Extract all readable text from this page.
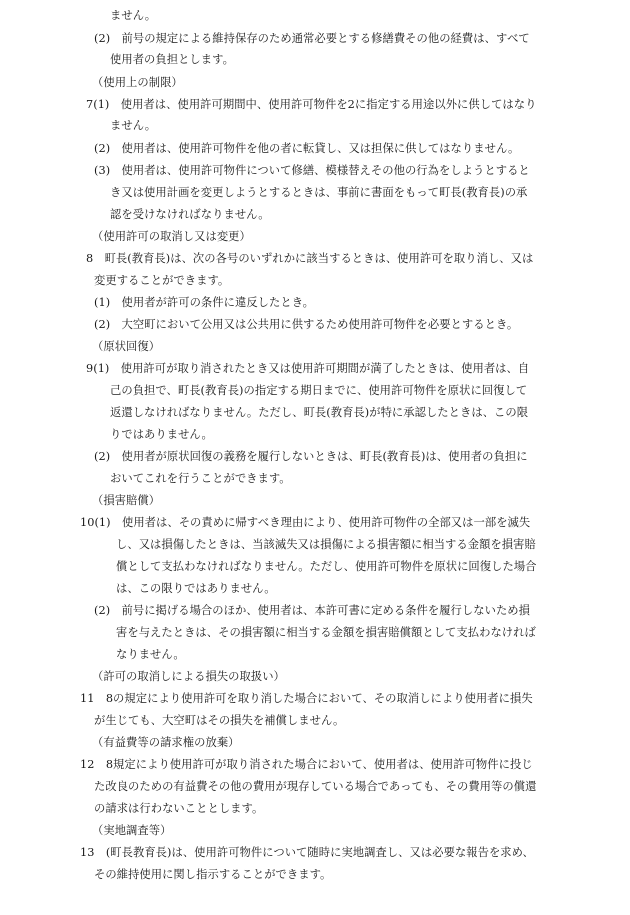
ません。
(2)　前号の規定による維持保存のため通常必要とする修繕費その他の経費は、すべて
使用者の負担とします。
（使用上の制限）
7(1)　使用者は、使用許可期間中、使用許可物件を2に指定する用途以外に供してはなり
ません。
(2)　使用者は、使用許可物件を他の者に転貸し、又は担保に供してはなりません。
(3)　使用者は、使用許可物件について修繕、模様替えその他の行為をしようとすると
き又は使用計画を変更しようとするときは、事前に書面をもって町長(教育長)の承
認を受けなければなりません。
（使用許可の取消し又は変更）
8　町長(教育長)は、次の各号のいずれかに該当するときは、使用許可を取り消し、又は
変更することができます。
(1)　使用者が許可の条件に違反したとき。
(2)　大空町において公用又は公共用に供するため使用許可物件を必要とするとき。
（原状回復）
9(1)　使用許可が取り消されたとき又は使用許可期間が満了したときは、使用者は、自
己の負担で、町長(教育長)の指定する期日までに、使用許可物件を原状に回復して
返還しなければなりません。ただし、町長(教育長)が特に承認したときは、この限
りではありません。
(2)　使用者が原状回復の義務を履行しないときは、町長(教育長)は、使用者の負担に
おいてこれを行うことができます。
（損害賠償）
10(1)　使用者は、その責めに帰すべき理由により、使用許可物件の全部又は一部を滅失
し、又は損傷したときは、当該滅失又は損傷による損害額に相当する金額を損害賠
償として支払わなければなりません。ただし、使用許可物件を原状に回復した場合
は、この限りではありません。
(2)　前号に掲げる場合のほか、使用者は、本許可書に定める条件を履行しないため損
害を与えたときは、その損害額に相当する金額を損害賠償額として支払わなければ
なりません。
（許可の取消しによる損失の取扱い）
11　8の規定により使用許可を取り消した場合において、その取消しにより使用者に損失
が生じても、大空町はその損失を補償しません。
（有益費等の請求権の放棄）
12　8規定により使用許可が取り消された場合において、使用者は、使用許可物件に投じ
た改良のための有益費その他の費用が現存している場合であっても、その費用等の償還
の請求は行わないこととします。
（実地調査等）
13　(町長教育長)は、使用許可物件について随時に実地調査し、又は必要な報告を求め、
その維持使用に関し指示することができます。
